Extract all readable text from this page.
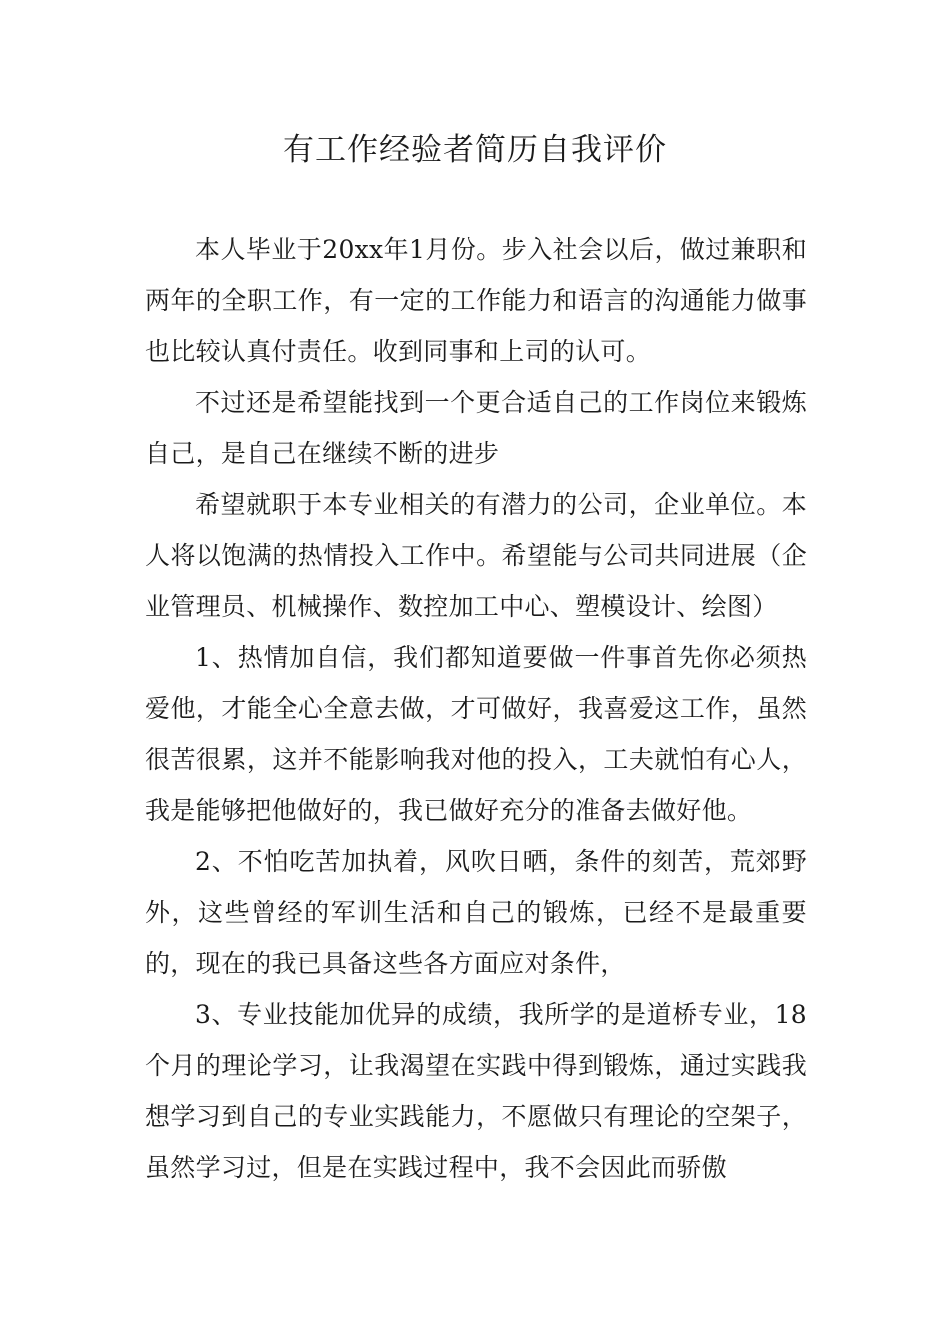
有工作经验者简历自我评价

本人毕业于20xx年1月份。步入社会以后，做过兼职和两年的全职工作，有一定的工作能力和语言的沟通能力做事也比较认真付责任。收到同事和上司的认可。

不过还是希望能找到一个更合适自己的工作岗位来锻炼自己，是自己在继续不断的进步

希望就职于本专业相关的有潜力的公司，企业单位。本人将以饱满的热情投入工作中。希望能与公司共同进展（企业管理员、机械操作、数控加工中心、塑模设计、绘图）

1、热情加自信，我们都知道要做一件事首先你必须热爱他，才能全心全意去做，才可做好，我喜爱这工作，虽然很苦很累，这并不能影响我对他的投入，工夫就怕有心人，我是能够把他做好的，我已做好充分的准备去做好他。

2、不怕吃苦加执着，风吹日晒，条件的刻苦，荒郊野外，这些曾经的军训生活和自己的锻炼，已经不是最重要的，现在的我已具备这些各方面应对条件，

3、专业技能加优异的成绩，我所学的是道桥专业，18个月的理论学习，让我渴望在实践中得到锻炼，通过实践我想学习到自己的专业实践能力，不愿做只有理论的空架子，虽然学习过，但是在实践过程中，我不会因此而骄傲
